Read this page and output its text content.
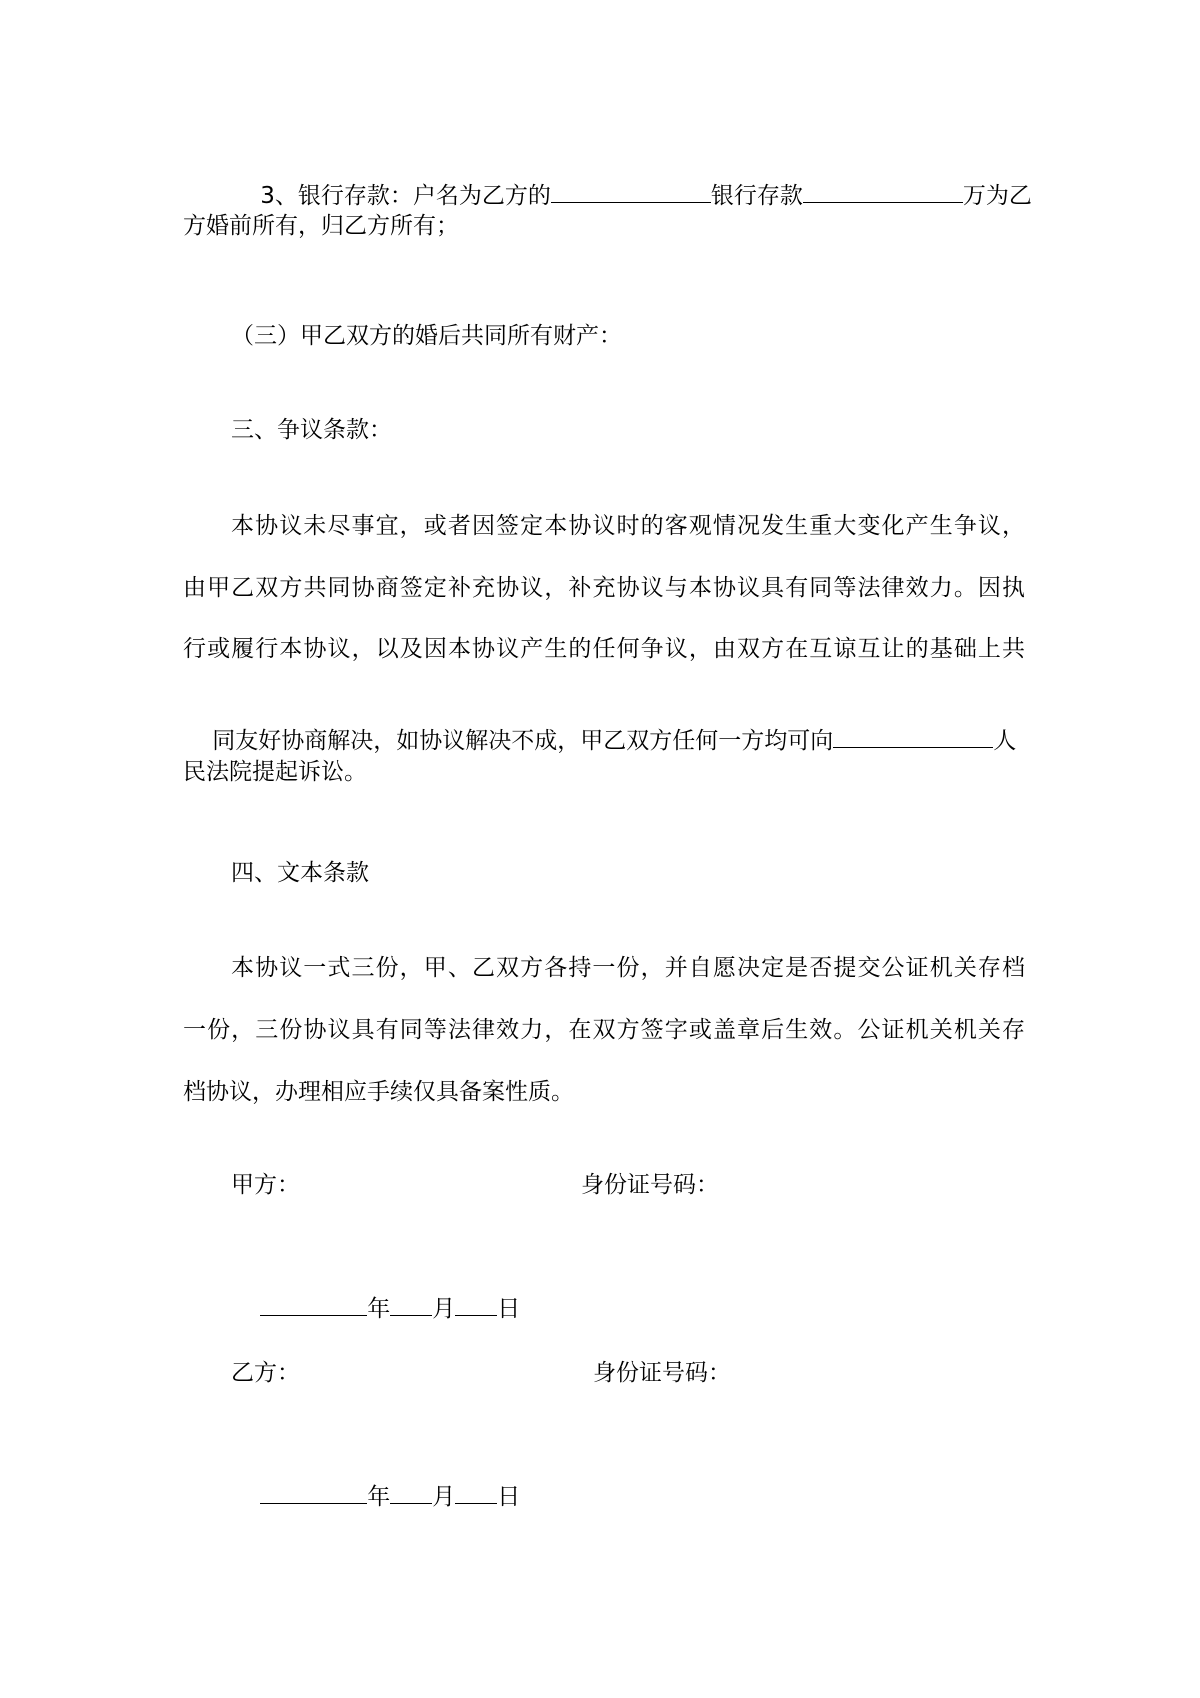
3、银行存款：户名为乙方的	银行存款	万为乙

方婚前所有，归乙方所有；
（三）甲乙双方的婚后共同所有财产：
三、争议条款：
本协议未尽事宜，或者因签定本协议时的客观情况发生重大变化产生争议，
由甲乙双方共同协商签定补充协议，补充协议与本协议具有同等法律效力。因执
行或履行本协议，以及因本协议产生的任何争议，由双方在互谅互让的基础上共

同友好协商解决，如协议解决不成，甲乙双方任何一方均可向	人

民法院提起诉讼。
四、文本条款
本协议一式三份，甲、乙双方各持一份，并自愿决定是否提交公证机关存档
一份，三份协议具有同等法律效力，在双方签字或盖章后生效。公证机关机关存
档协议，办理相应手续仅具备案性质。
甲方：	身份证号码：

年 月 日

乙方：	身份证号码：

年 月 日
